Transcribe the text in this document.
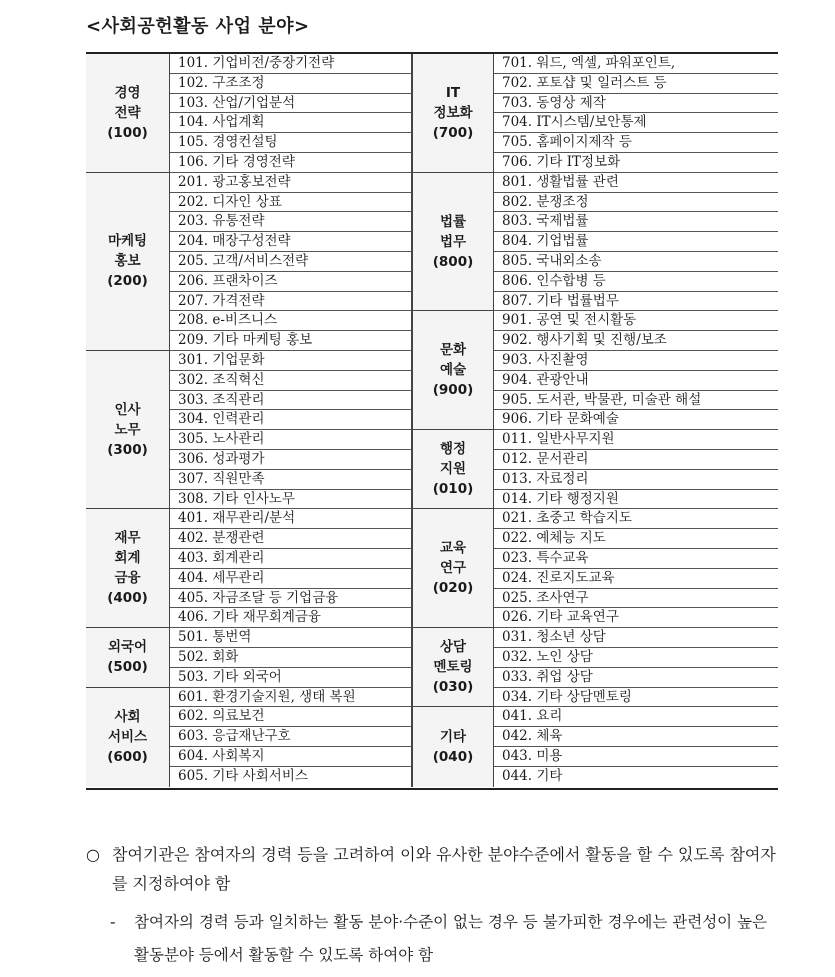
<사회공헌활동 사업 분야>
경영
전략
(100)
101. 기업비전/중장기전략
102. 구조조정
103. 산업/기업분석
104. 사업계획
105. 경영컨설팅
106. 기타 경영전략
마케팅
홍보
(200)
201. 광고홍보전략
202. 디자인 상표
203. 유통전략
204. 매장구성전략
205. 고객/서비스전략
206. 프랜차이즈
207. 가격전략
208. e-비즈니스
209. 기타 마케팅 홍보
인사
노무
(300)
301. 기업문화
302. 조직혁신
303. 조직관리
304. 인력관리
305. 노사관리
306. 성과평가
307. 직원만족
308. 기타 인사노무
재무
회계
금융
(400)
401. 재무관리/분석
402. 분쟁관련
403. 회계관리
404. 세무관리
405. 자금조달 등 기업금융
406. 기타 재무회계금융
외국어
(500)
501. 통번역
502. 회화
503. 기타 외국어
사회
서비스
(600)
601. 환경기술지원, 생태 복원
602. 의료보건
603. 응급재난구호
604. 사회복지
605. 기타 사회서비스
IT
정보화
(700)
701. 워드, 엑셀, 파워포인트,
702. 포토샵 및 일러스트 등
703. 동영상 제작
704. IT시스템/보안통제
705. 홈페이지제작 등
706. 기타 IT정보화
법률
법무
(800)
801. 생활법률 관련
802. 분쟁조정
803. 국제법률
804. 기업법률
805. 국내외소송
806. 인수합병 등
807. 기타 법률법무
문화
예술
(900)
901. 공연 및 전시활동
902. 행사기획 및 진행/보조
903. 사진촬영
904. 관광안내
905. 도서관, 박물관, 미술관 해설
906. 기타 문화예술
행정
지원
(010)
011. 일반사무지원
012. 문서관리
013. 자료정리
014. 기타 행정지원
교육
연구
(020)
021. 초중고 학습지도
022. 예체능 지도
023. 특수교육
024. 진로지도교육
025. 조사연구
026. 기타 교육연구
상담
멘토링
(030)
031. 청소년 상담
032. 노인 상담
033. 취업 상담
034. 기타 상담멘토링
기타
(040)
041. 요리
042. 체육
043. 미용
044. 기타
○ 참여기관은 참여자의 경력 등을 고려하여 이와 유사한 분야수준에서 활동을 할 수 있도록 참여자를 지정하여야 함
- 참여자의 경력 등과 일치하는 활동 분야·수준이 없는 경우 등 불가피한 경우에는 관련성이 높은 활동분야 등에서 활동할 수 있도록 하여야 함
